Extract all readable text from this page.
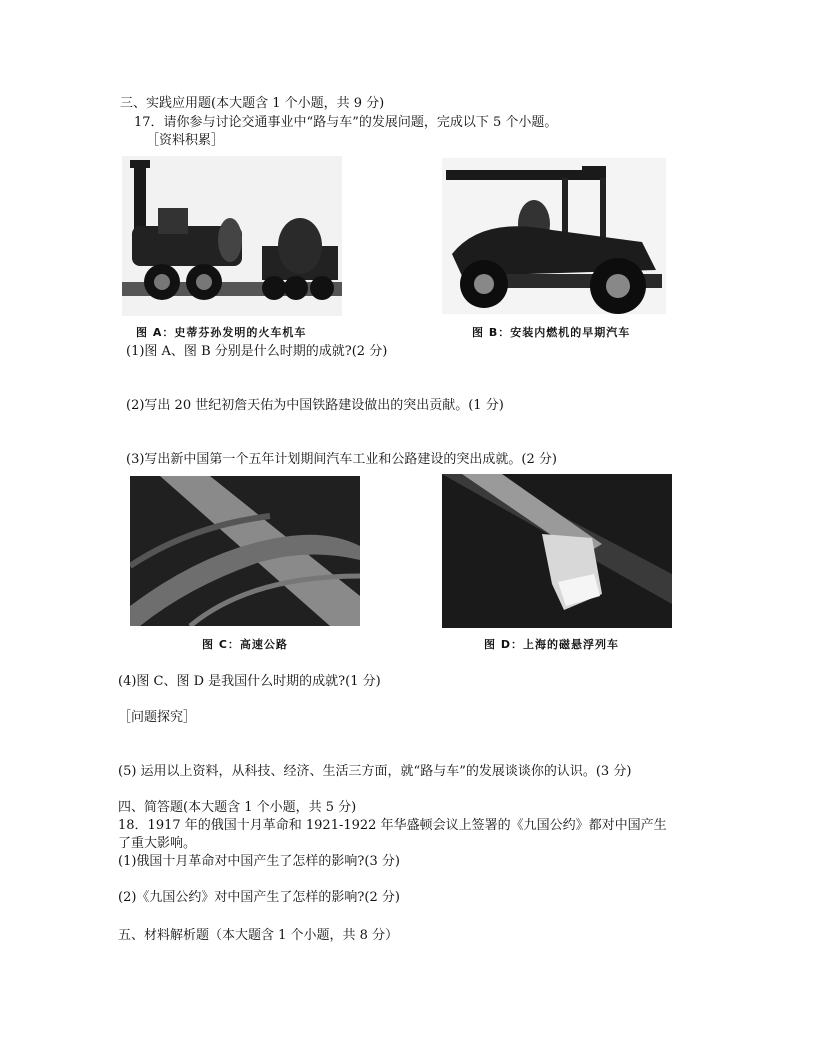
三、实践应用题(本大题含 1 个小题，共 9 分)
17．请你参与讨论交通事业中“路与车”的发展问题，完成以下 5 个小题。
［资料积累］
图 A：史蒂芬孙发明的火车机车	图 B：安装内燃机的早期汽车
(1)图 A、图 B 分别是什么时期的成就?(2 分)
(2)写出 20 世纪初詹天佑为中国铁路建设做出的突出贡献。(1 分)
(3)写出新中国第一个五年计划期间汽车工业和公路建设的突出成就。(2 分)
图 C：高速公路	图 D：上海的磁悬浮列车
(4)图 C、图 D 是我国什么时期的成就?(1 分)
［问题探究］
(5) 运用以上资料，从科技、经济、生活三方面，就“路与车”的发展谈谈你的认识。(3 分)
四、简答题(本大题含 1 个小题，共 5 分)
18．1917 年的俄国十月革命和 1921-1922 年华盛顿会议上签署的《九国公约》都对中国产生
了重大影响。
(1)俄国十月革命对中国产生了怎样的影响?(3 分)
(2)《九国公约》对中国产生了怎样的影响?(2 分)
五、材料解析题（本大题含 1 个小题，共 8 分）
